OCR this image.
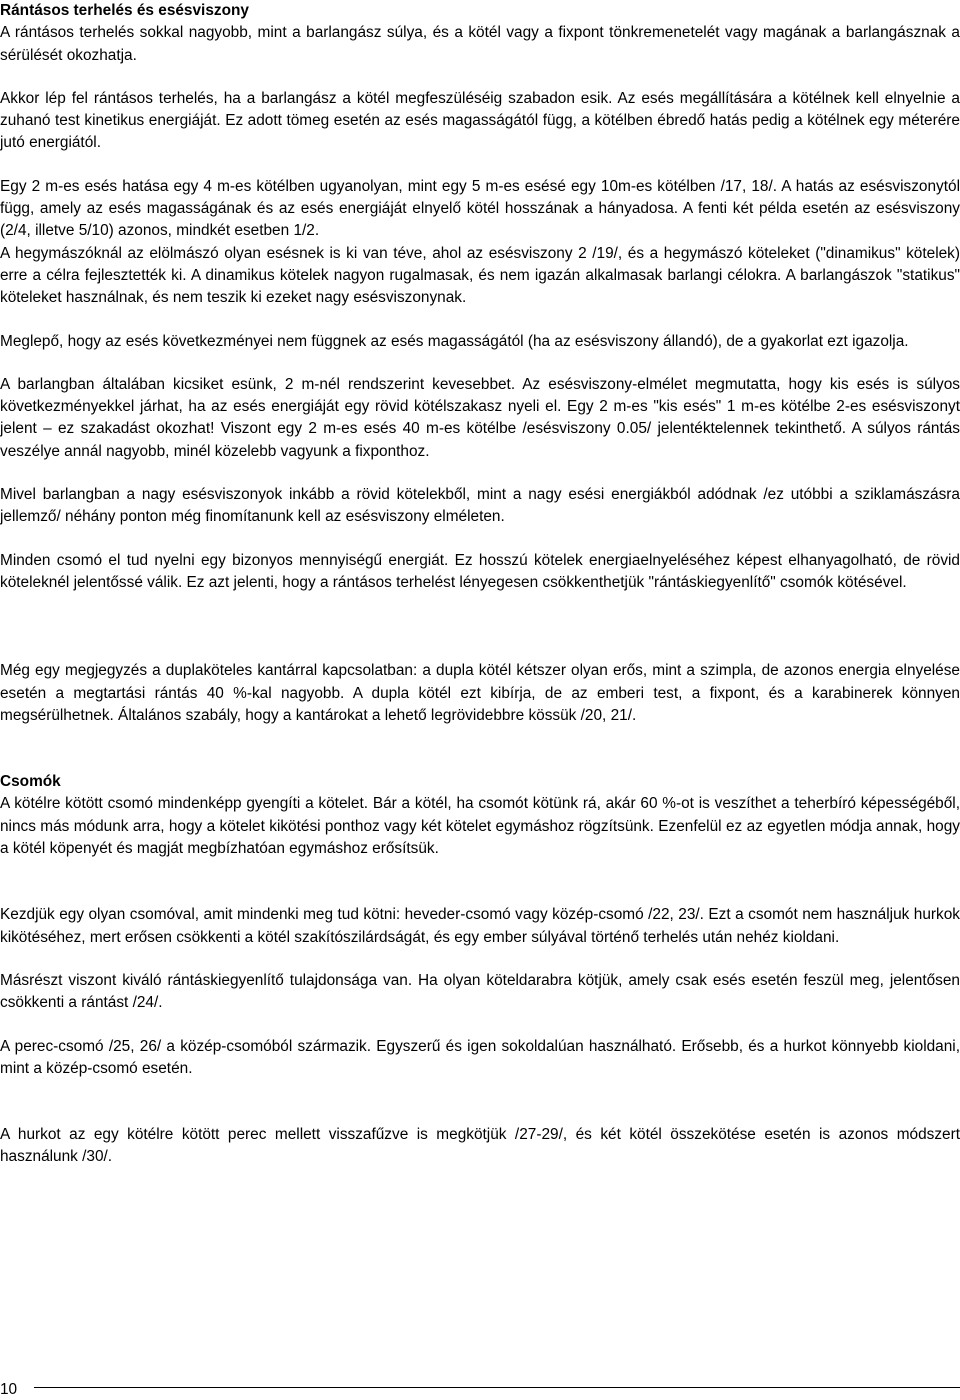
Rántásos terhelés és esésviszony

A rántásos terhelés sokkal nagyobb, mint a barlangász súlya, és a kötél vagy a fixpont tönkremenetelét vagy magának a barlangásznak a sérülését okozhatja.

Akkor lép fel rántásos terhelés, ha a barlangász a kötél megfeszüléséig szabadon esik. Az esés megállítására a kötélnek kell elnyelnie a zuhanó test kinetikus energiáját. Ez adott tömeg esetén az esés magasságától függ, a kötélben ébredő hatás pedig a kötélnek egy méterére jutó energiától.

Egy 2 m-es esés hatása egy 4 m-es kötélben ugyanolyan, mint egy 5 m-es esésé egy 10m-es kötélben /17, 18/. A hatás az esésviszonytól függ, amely az esés magasságának és az esés energiáját elnyelő kötél hosszának a hányadosa. A fenti két példa esetén az esésviszony (2/4, illetve 5/10) azonos, mindkét esetben 1/2.

A hegymászóknál az elölmászó olyan esésnek is ki van téve, ahol az esésviszony 2 /19/, és a hegymászó köteleket ("dinamikus" kötelek) erre a célra fejlesztették ki. A dinamikus kötelek nagyon rugalmasak, és nem igazán alkalmasak barlangi célokra. A barlangászok "statikus" köteleket használnak, és nem teszik ki ezeket nagy esésviszonynak.

Meglepő, hogy az esés következményei nem függnek az esés magasságától (ha az esésviszony állandó), de a gyakorlat ezt igazolja.

A barlangban általában kicsiket esünk, 2 m-nél rendszerint kevesebbet. Az esésviszony-elmélet megmutatta, hogy kis esés is súlyos következményekkel járhat, ha az esés energiáját egy rövid kötélszakasz nyeli el. Egy 2 m-es "kis esés" 1 m-es kötélbe 2-es esésviszonyt jelent – ez szakadást okozhat! Viszont egy 2 m-es esés 40 m-es kötélbe /esésviszony 0.05/ jelentéktelennek tekinthető. A súlyos rántás veszélye annál nagyobb, minél közelebb vagyunk a fixponthoz.

Mivel barlangban a nagy esésviszonyok inkább a rövid kötelekből, mint a nagy esési energiákból adódnak /ez utóbbi a sziklamászásra jellemző/ néhány ponton még finomítanunk kell az esésviszony elméleten.

Minden csomó el tud nyelni egy bizonyos mennyiségű energiát. Ez hosszú kötelek energiaelnyeléséhez képest elhanyagolható, de rövid köteleknél jelentőssé válik. Ez azt jelenti, hogy a rántásos terhelést lényegesen csökkenthetjük "rántáskiegyenlítő" csomók kötésével.

Még egy megjegyzés a duplaköteles kantárral kapcsolatban: a dupla kötél kétszer olyan erős, mint a szimpla, de azonos energia elnyelése esetén a megtartási rántás 40 %-kal nagyobb. A dupla kötél ezt kibírja, de az emberi test, a fixpont, és a karabinerek könnyen megsérülhetnek. Általános szabály, hogy a kantárokat a lehető legrövidebbre kössük /20, 21/.

Csomók

A kötélre kötött csomó mindenképp gyengíti a kötelet. Bár a kötél, ha csomót kötünk rá, akár 60 %-ot is veszíthet a teherbíró képességéből, nincs más módunk arra, hogy a kötelet kikötési ponthoz vagy két kötelet egymáshoz rögzítsünk. Ezenfelül ez az egyetlen módja annak, hogy a kötél köpenyét és magját megbízhatóan egymáshoz erősítsük.

Kezdjük egy olyan csomóval, amit mindenki meg tud kötni: heveder-csomó vagy közép-csomó /22, 23/. Ezt a csomót nem használjuk hurkok kikötéséhez, mert erősen csökkenti a kötél szakítószilárdságát, és egy ember súlyával történő terhelés után nehéz kioldani.

Másrészt viszont kiváló rántáskiegyenlítő tulajdonsága van. Ha olyan köteldarabra kötjük, amely csak esés esetén feszül meg, jelentősen csökkenti a rántást /24/.

A perec-csomó /25, 26/ a közép-csomóból származik. Egyszerű és igen sokoldalúan használható. Erősebb, és a hurkot könnyebb kioldani, mint a közép-csomó esetén.

A hurkot az egy kötélre kötött perec mellett visszafűzve is megkötjük /27-29/, és két kötél összekötése esetén is azonos módszert használunk /30/.

10
